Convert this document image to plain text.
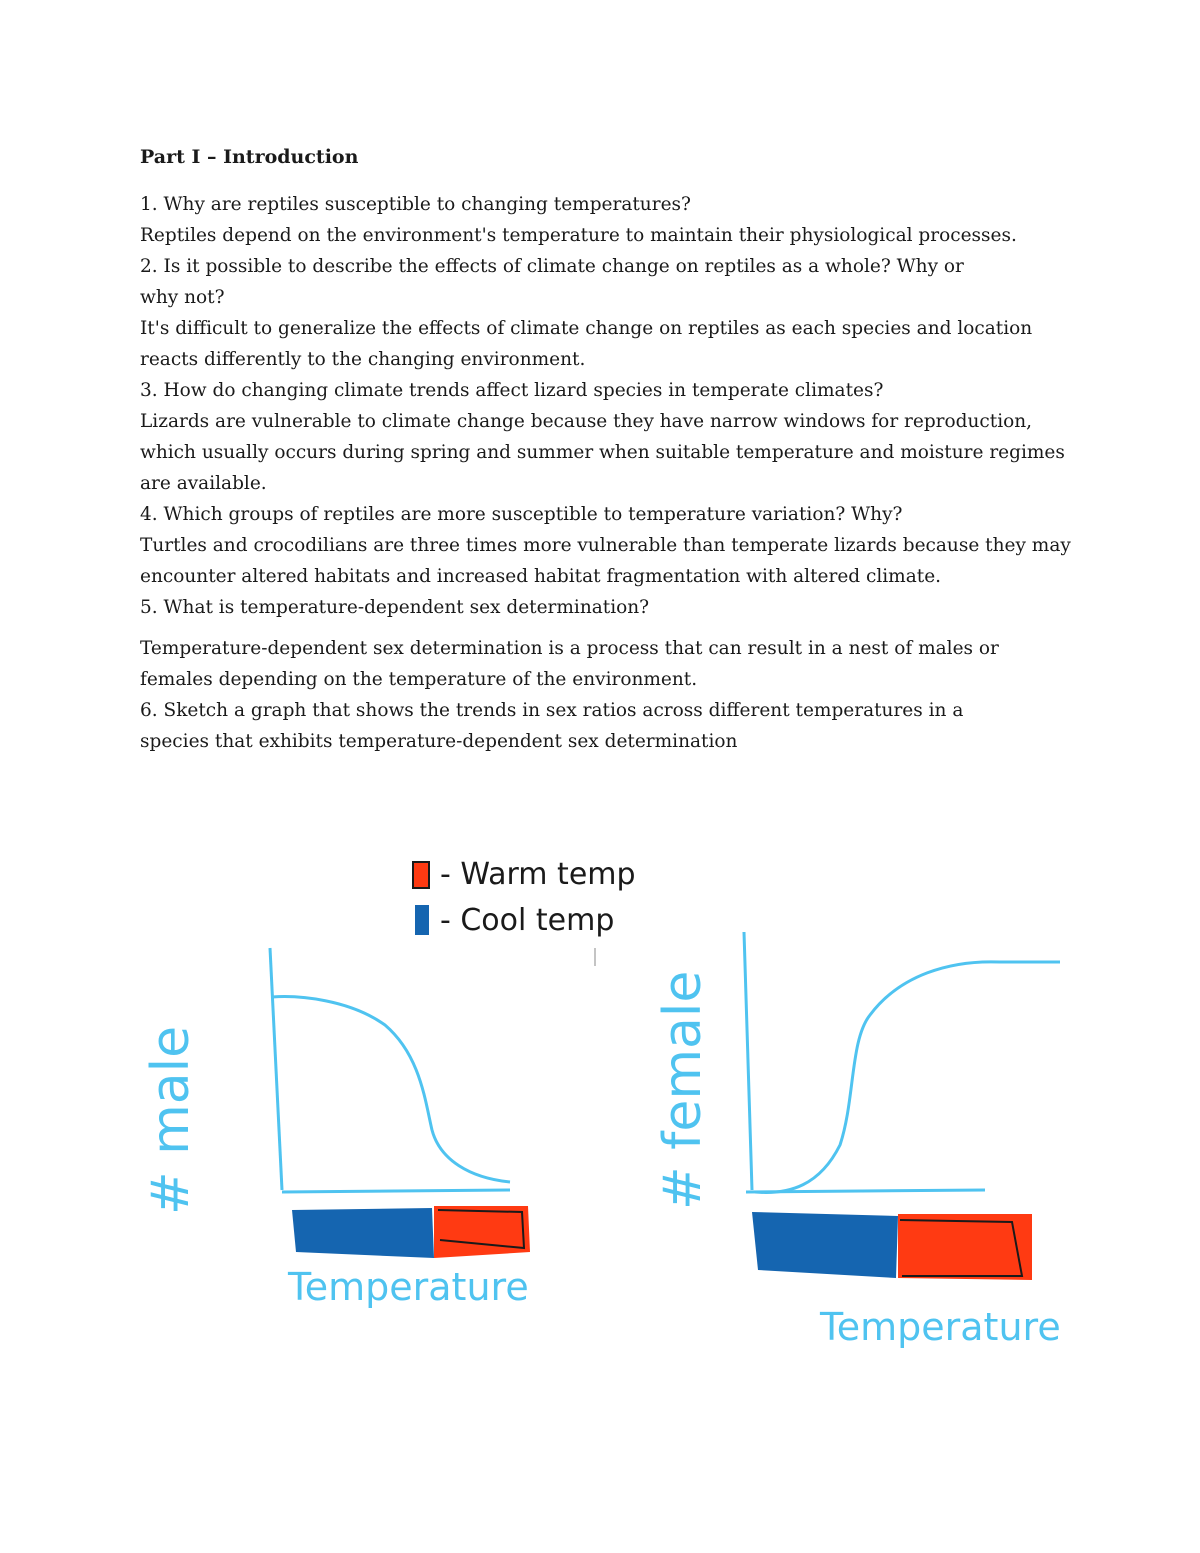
Part I – Introduction

1. Why are reptiles susceptible to changing temperatures?

Reptiles depend on the environment's temperature to maintain their physiological processes.

2. Is it possible to describe the effects of climate change on reptiles as a whole? Why or

why not?

It's difficult to generalize the effects of climate change on reptiles as each species and location

reacts differently to the changing environment.

3. How do changing climate trends affect lizard species in temperate climates?

Lizards are vulnerable to climate change because they have narrow windows for reproduction,

which usually occurs during spring and summer when suitable temperature and moisture regimes

are available.

4. Which groups of reptiles are more susceptible to temperature variation? Why?

Turtles and crocodilians are three times more vulnerable than temperate lizards because they may

encounter altered habitats and increased habitat fragmentation with altered climate.

5. What is temperature-dependent sex determination?

Temperature-dependent sex determination is a process that can result in a nest of males or

females depending on the temperature of the environment.

6. Sketch a graph that shows the trends in sex ratios across different temperatures in a

species that exhibits temperature-dependent sex determination

- Warm temp
- Cool temp
# male
Temperature
# female
Temperature
